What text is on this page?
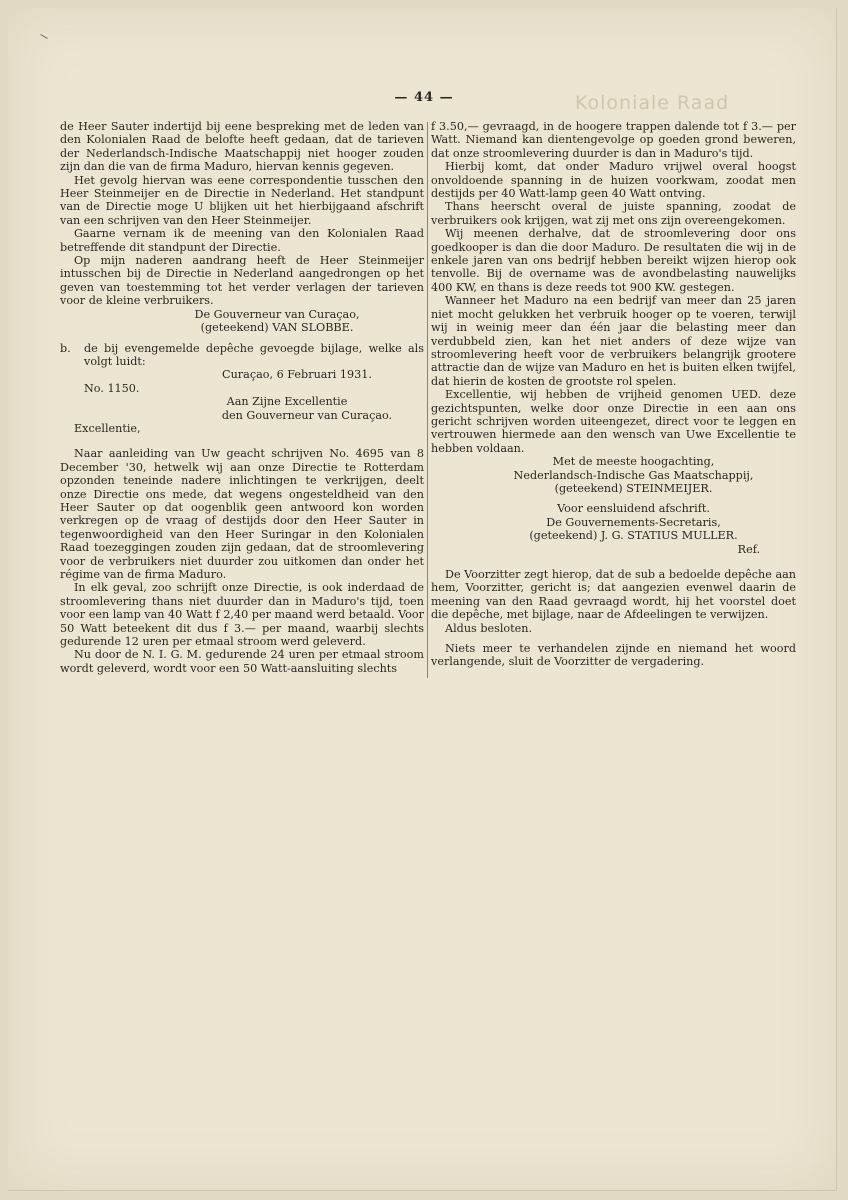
Koloniale Raad
— 44 —

de Heer Sauter indertijd bij eene bespreking met de leden van den Kolonialen Raad de belofte heeft gedaan, dat de tarieven der Nederlandsch-Indische Maatschappij niet hooger zouden zijn dan die van de firma Maduro, hiervan kennis gegeven.

Het gevolg hiervan was eene correspondentie tusschen den Heer Steinmeijer en de Directie in Nederland. Het standpunt van de Directie moge U blijken uit het hierbijgaand afschrift van een schrijven van den Heer Steinmeijer.

Gaarne vernam ik de meening van den Kolonialen Raad betreffende dit standpunt der Directie.

Op mijn naderen aandrang heeft de Heer Steinmeijer intusschen bij de Directie in Nederland aangedrongen op het geven van toestemming tot het verder verlagen der tarieven voor de kleine verbruikers.

De Gouverneur van Curaçao,

(geteekend) VAN SLOBBE.

b.	de bij evengemelde depêche gevoegde bijlage, welke als volgt luidt:

Curaçao, 6 Februari 1931.

No. 1150.

Aan Zijne Excellentie

den Gouverneur van Curaçao.

Excellentie,

Naar aanleiding van Uw geacht schrijven No. 4695 van 8 December '30, hetwelk wij aan onze Directie te Rotterdam opzonden teneinde nadere inlichtingen te verkrijgen, deelt onze Directie ons mede, dat wegens ongesteldheid van den Heer Sauter op dat oogenblik geen antwoord kon worden verkregen op de vraag of destijds door den Heer Sauter in tegenwoordigheid van den Heer Suringar in den Kolonialen Raad toezeggingen zouden zijn gedaan, dat de stroomlevering voor de verbruikers niet duurder zou uitkomen dan onder het régime van de firma Maduro.

In elk geval, zoo schrijft onze Directie, is ook inderdaad de stroomlevering thans niet duurder dan in Maduro's tijd, toen voor een lamp van 40 Watt f 2,40 per maand werd betaald. Voor 50 Watt beteekent dit dus f 3.— per maand, waarbij slechts gedurende 12 uren per etmaal stroom werd geleverd.

Nu door de N. I. G. M. gedurende 24 uren per etmaal stroom wordt geleverd, wordt voor een 50 Watt-aansluiting slechts

f 3.50,— gevraagd, in de hoogere trappen dalende tot f 3.— per Watt. Niemand kan dientengevolge op goeden grond beweren, dat onze stroomlevering duurder is dan in Maduro's tijd.

Hierbij komt, dat onder Maduro vrijwel overal hoogst onvoldoende spanning in de huizen voorkwam, zoodat men destijds per 40 Watt-lamp geen 40 Watt ontving.

Thans heerscht overal de juiste spanning, zoodat de verbruikers ook krijgen, wat zij met ons zijn overeengekomen.

Wij meenen derhalve, dat de stroomlevering door ons goedkooper is dan die door Maduro. De resultaten die wij in de enkele jaren van ons bedrijf hebben bereikt wijzen hierop ook tenvolle. Bij de overname was de avondbelasting nauwelijks 400 KW, en thans is deze reeds tot 900 KW. gestegen.

Wanneer het Maduro na een bedrijf van meer dan 25 jaren niet mocht gelukken het verbruik hooger op te voeren, terwijl wij in weinig meer dan één jaar die belasting meer dan verdubbeld zien, kan het niet anders of deze wijze van stroomlevering heeft voor de verbruikers belangrijk grootere attractie dan de wijze van Maduro en het is buiten elken twijfel, dat hierin de kosten de grootste rol spelen.

Excellentie, wij hebben de vrijheid genomen UED. deze gezichtspunten, welke door onze Directie in een aan ons gericht schrijven worden uiteengezet, direct voor te leggen en vertrouwen hiermede aan den wensch van Uwe Excellentie te hebben voldaan.

Met de meeste hoogachting,

Nederlandsch-Indische Gas Maatschappij,

(geteekend) STEINMEIJER.

Voor eensluidend afschrift.

De Gouvernements-Secretaris,

(geteekend) J. G. STATIUS MULLER.

Ref.

De Voorzitter zegt hierop, dat de sub a bedoelde depêche aan hem, Voorzitter, gericht is; dat aangezien evenwel daarin de meening van den Raad gevraagd wordt, hij het voorstel doet die depêche, met bijlage, naar de Afdeelingen te verwijzen.

Aldus besloten.

Niets meer te verhandelen zijnde en niemand het woord verlangende, sluit de Voorzitter de vergadering.
